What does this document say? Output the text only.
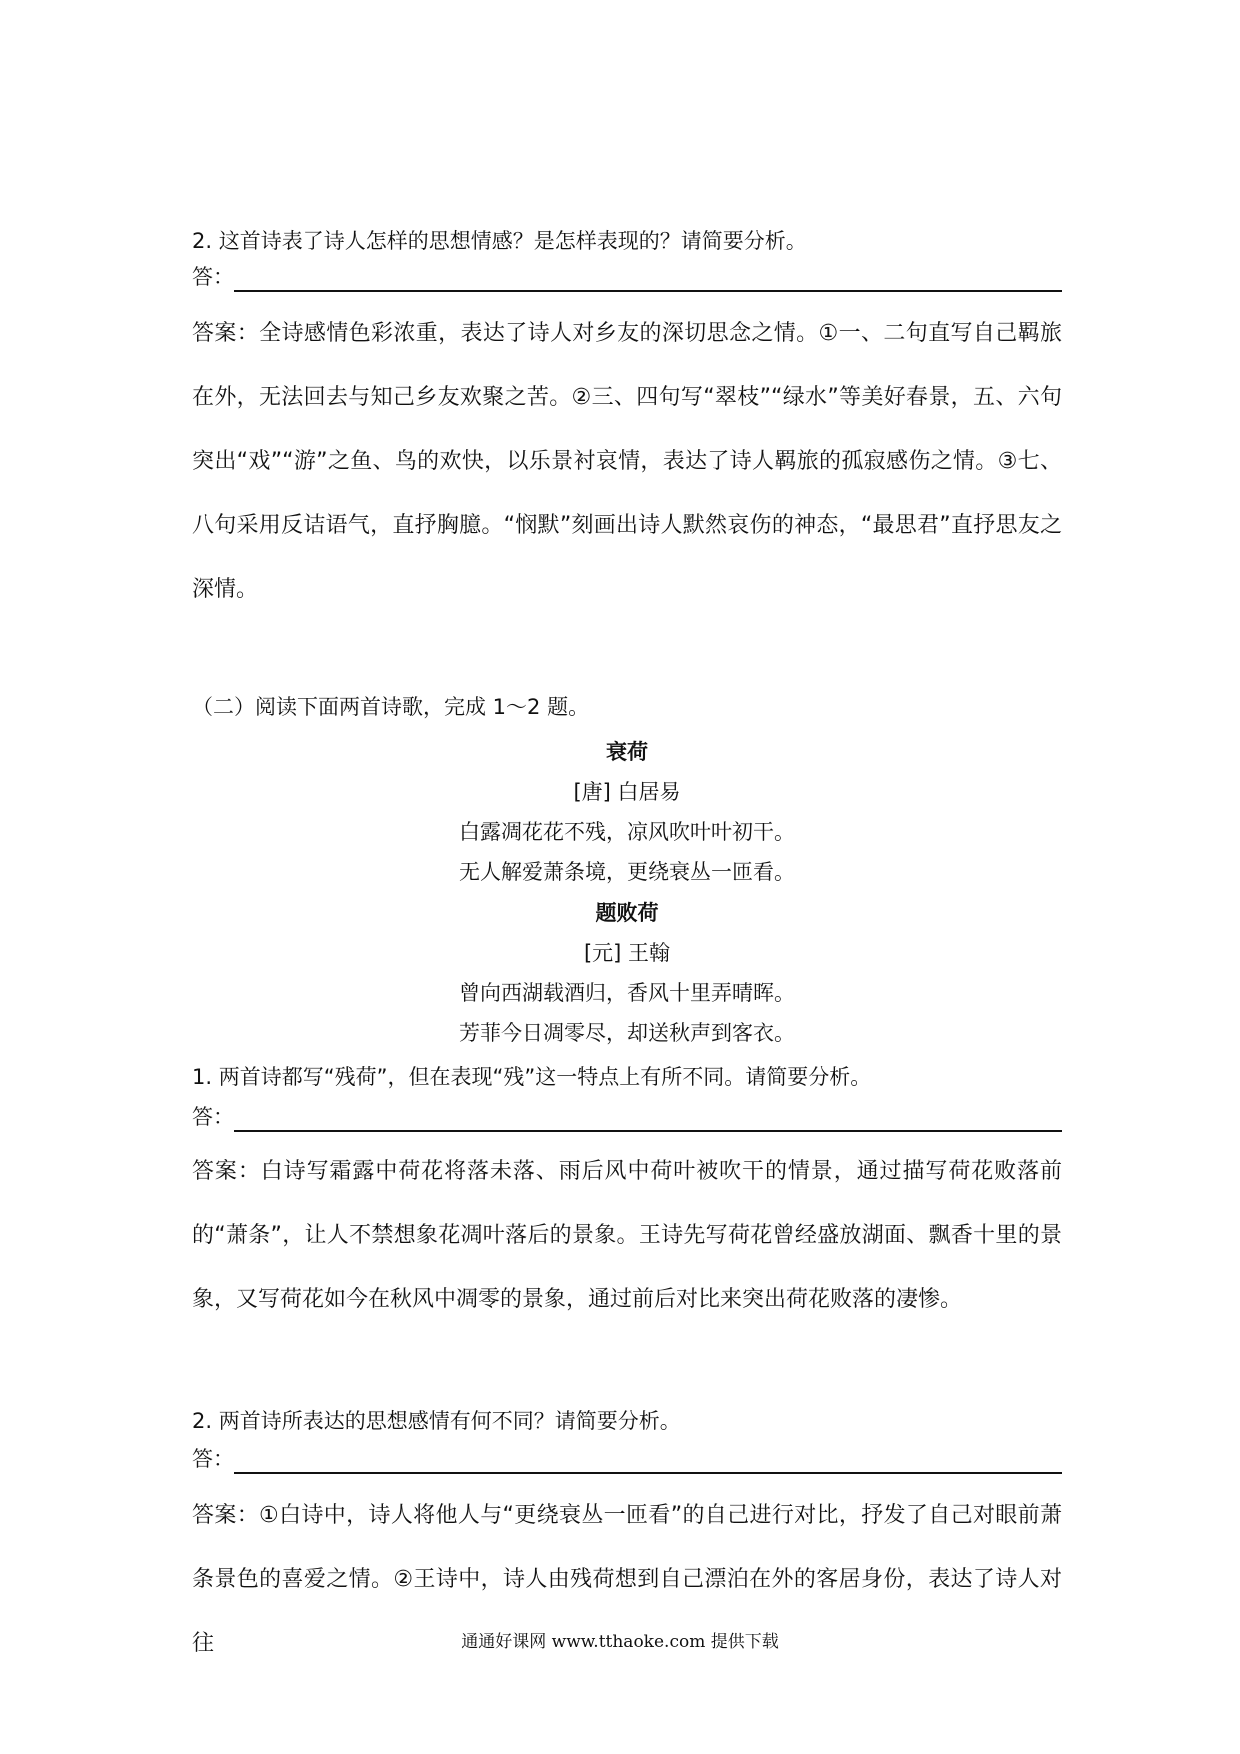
2. 这首诗表了诗人怎样的思想情感？是怎样表现的？请简要分析。
答：
答案：全诗感情色彩浓重，表达了诗人对乡友的深切思念之情。①一、二句直写自己羁旅在外，无法回去与知己乡友欢聚之苦。②三、四句写“翠枝”“绿水”等美好春景，五、六句突出“戏”“游”之鱼、鸟的欢快，以乐景衬哀情，表达了诗人羁旅的孤寂感伤之情。③七、八句采用反诘语气，直抒胸臆。“悯默”刻画出诗人默然哀伤的神态，“最思君”直抒思友之深情。
（二）阅读下面两首诗歌，完成 1～2 题。
衰荷
[唐] 白居易
白露凋花花不残，凉风吹叶叶初干。
无人解爱萧条境，更绕衰丛一匝看。
题败荷
[元] 王翰
曾向西湖载酒归，香风十里弄晴晖。
芳菲今日凋零尽，却送秋声到客衣。
1. 两首诗都写“残荷”，但在表现“残”这一特点上有所不同。请简要分析。
答：
答案：白诗写霜露中荷花将落未落、雨后风中荷叶被吹干的情景，通过描写荷花败落前的“萧条”，让人不禁想象花凋叶落后的景象。王诗先写荷花曾经盛放湖面、飘香十里的景象，又写荷花如今在秋风中凋零的景象，通过前后对比来突出荷花败落的凄惨。
2. 两首诗所表达的思想感情有何不同？请简要分析。
答：
答案：①白诗中，诗人将他人与“更绕衰丛一匝看”的自己进行对比，抒发了自己对眼前萧条景色的喜爱之情。②王诗中，诗人由残荷想到自己漂泊在外的客居身份，表达了诗人对往	通通好课网 www.tthaoke.com 提供下载
